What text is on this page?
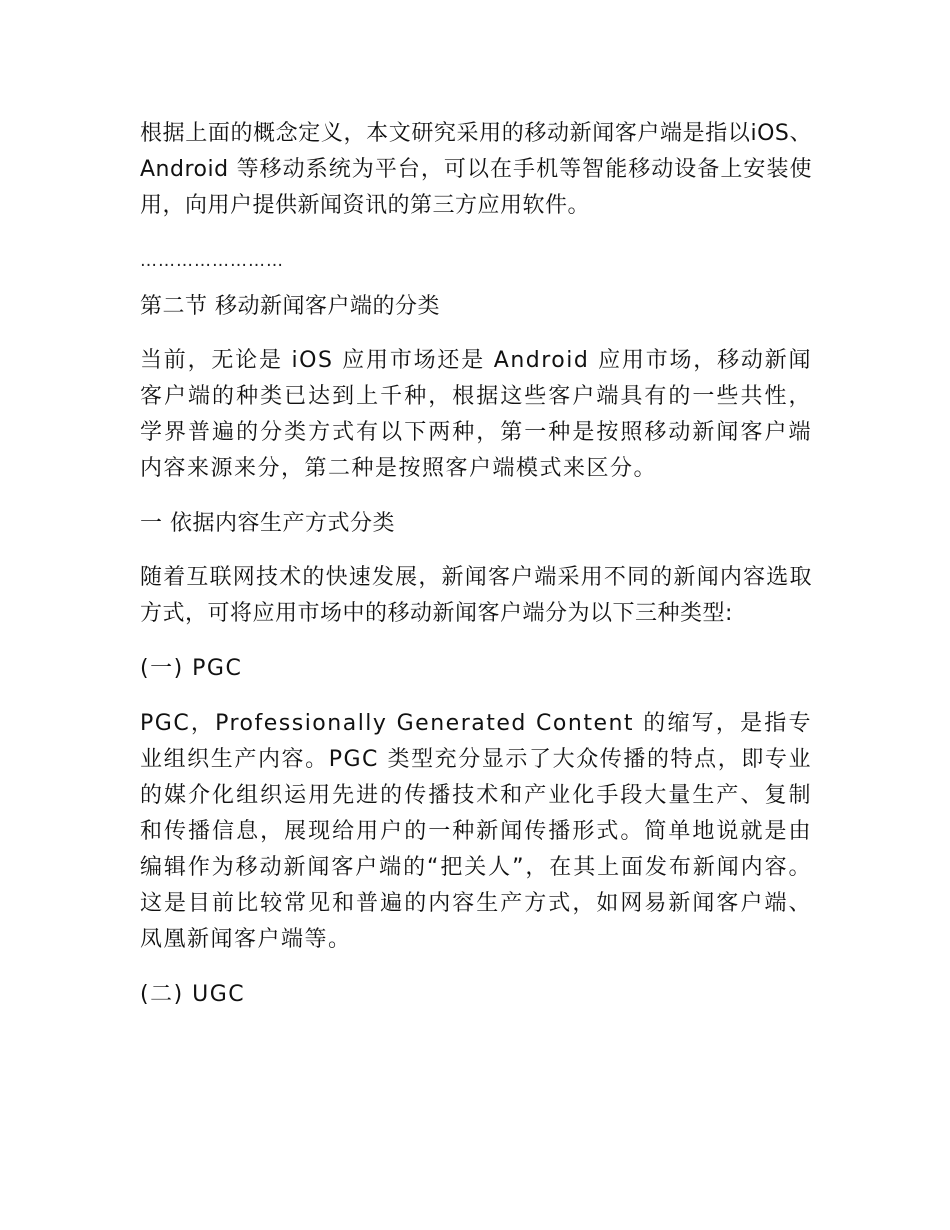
根据上面的概念定义，本文研究采用的移动新闻客户端是指以iOS、Android 等移动系统为平台，可以在手机等智能移动设备上安装使用，向用户提供新闻资讯的第三方应用软件。

……………………
第二节 移动新闻客户端的分类

当前，无论是 iOS 应用市场还是 Android 应用市场，移动新闻客户端的种类已达到上千种，根据这些客户端具有的一些共性，学界普遍的分类方式有以下两种，第一种是按照移动新闻客户端内容来源来分，第二种是按照客户端模式来区分。

一 依据内容生产方式分类

随着互联网技术的快速发展，新闻客户端采用不同的新闻内容选取方式，可将应用市场中的移动新闻客户端分为以下三种类型:

(一) PGC

PGC，Professionally Generated Content 的缩写，是指专业组织生产内容。PGC 类型充分显示了大众传播的特点，即专业的媒介化组织运用先进的传播技术和产业化手段大量生产、复制和传播信息，展现给用户的一种新闻传播形式。简单地说就是由编辑作为移动新闻客户端的“把关人”，在其上面发布新闻内容。这是目前比较常见和普遍的内容生产方式，如网易新闻客户端、凤凰新闻客户端等。

(二) UGC
